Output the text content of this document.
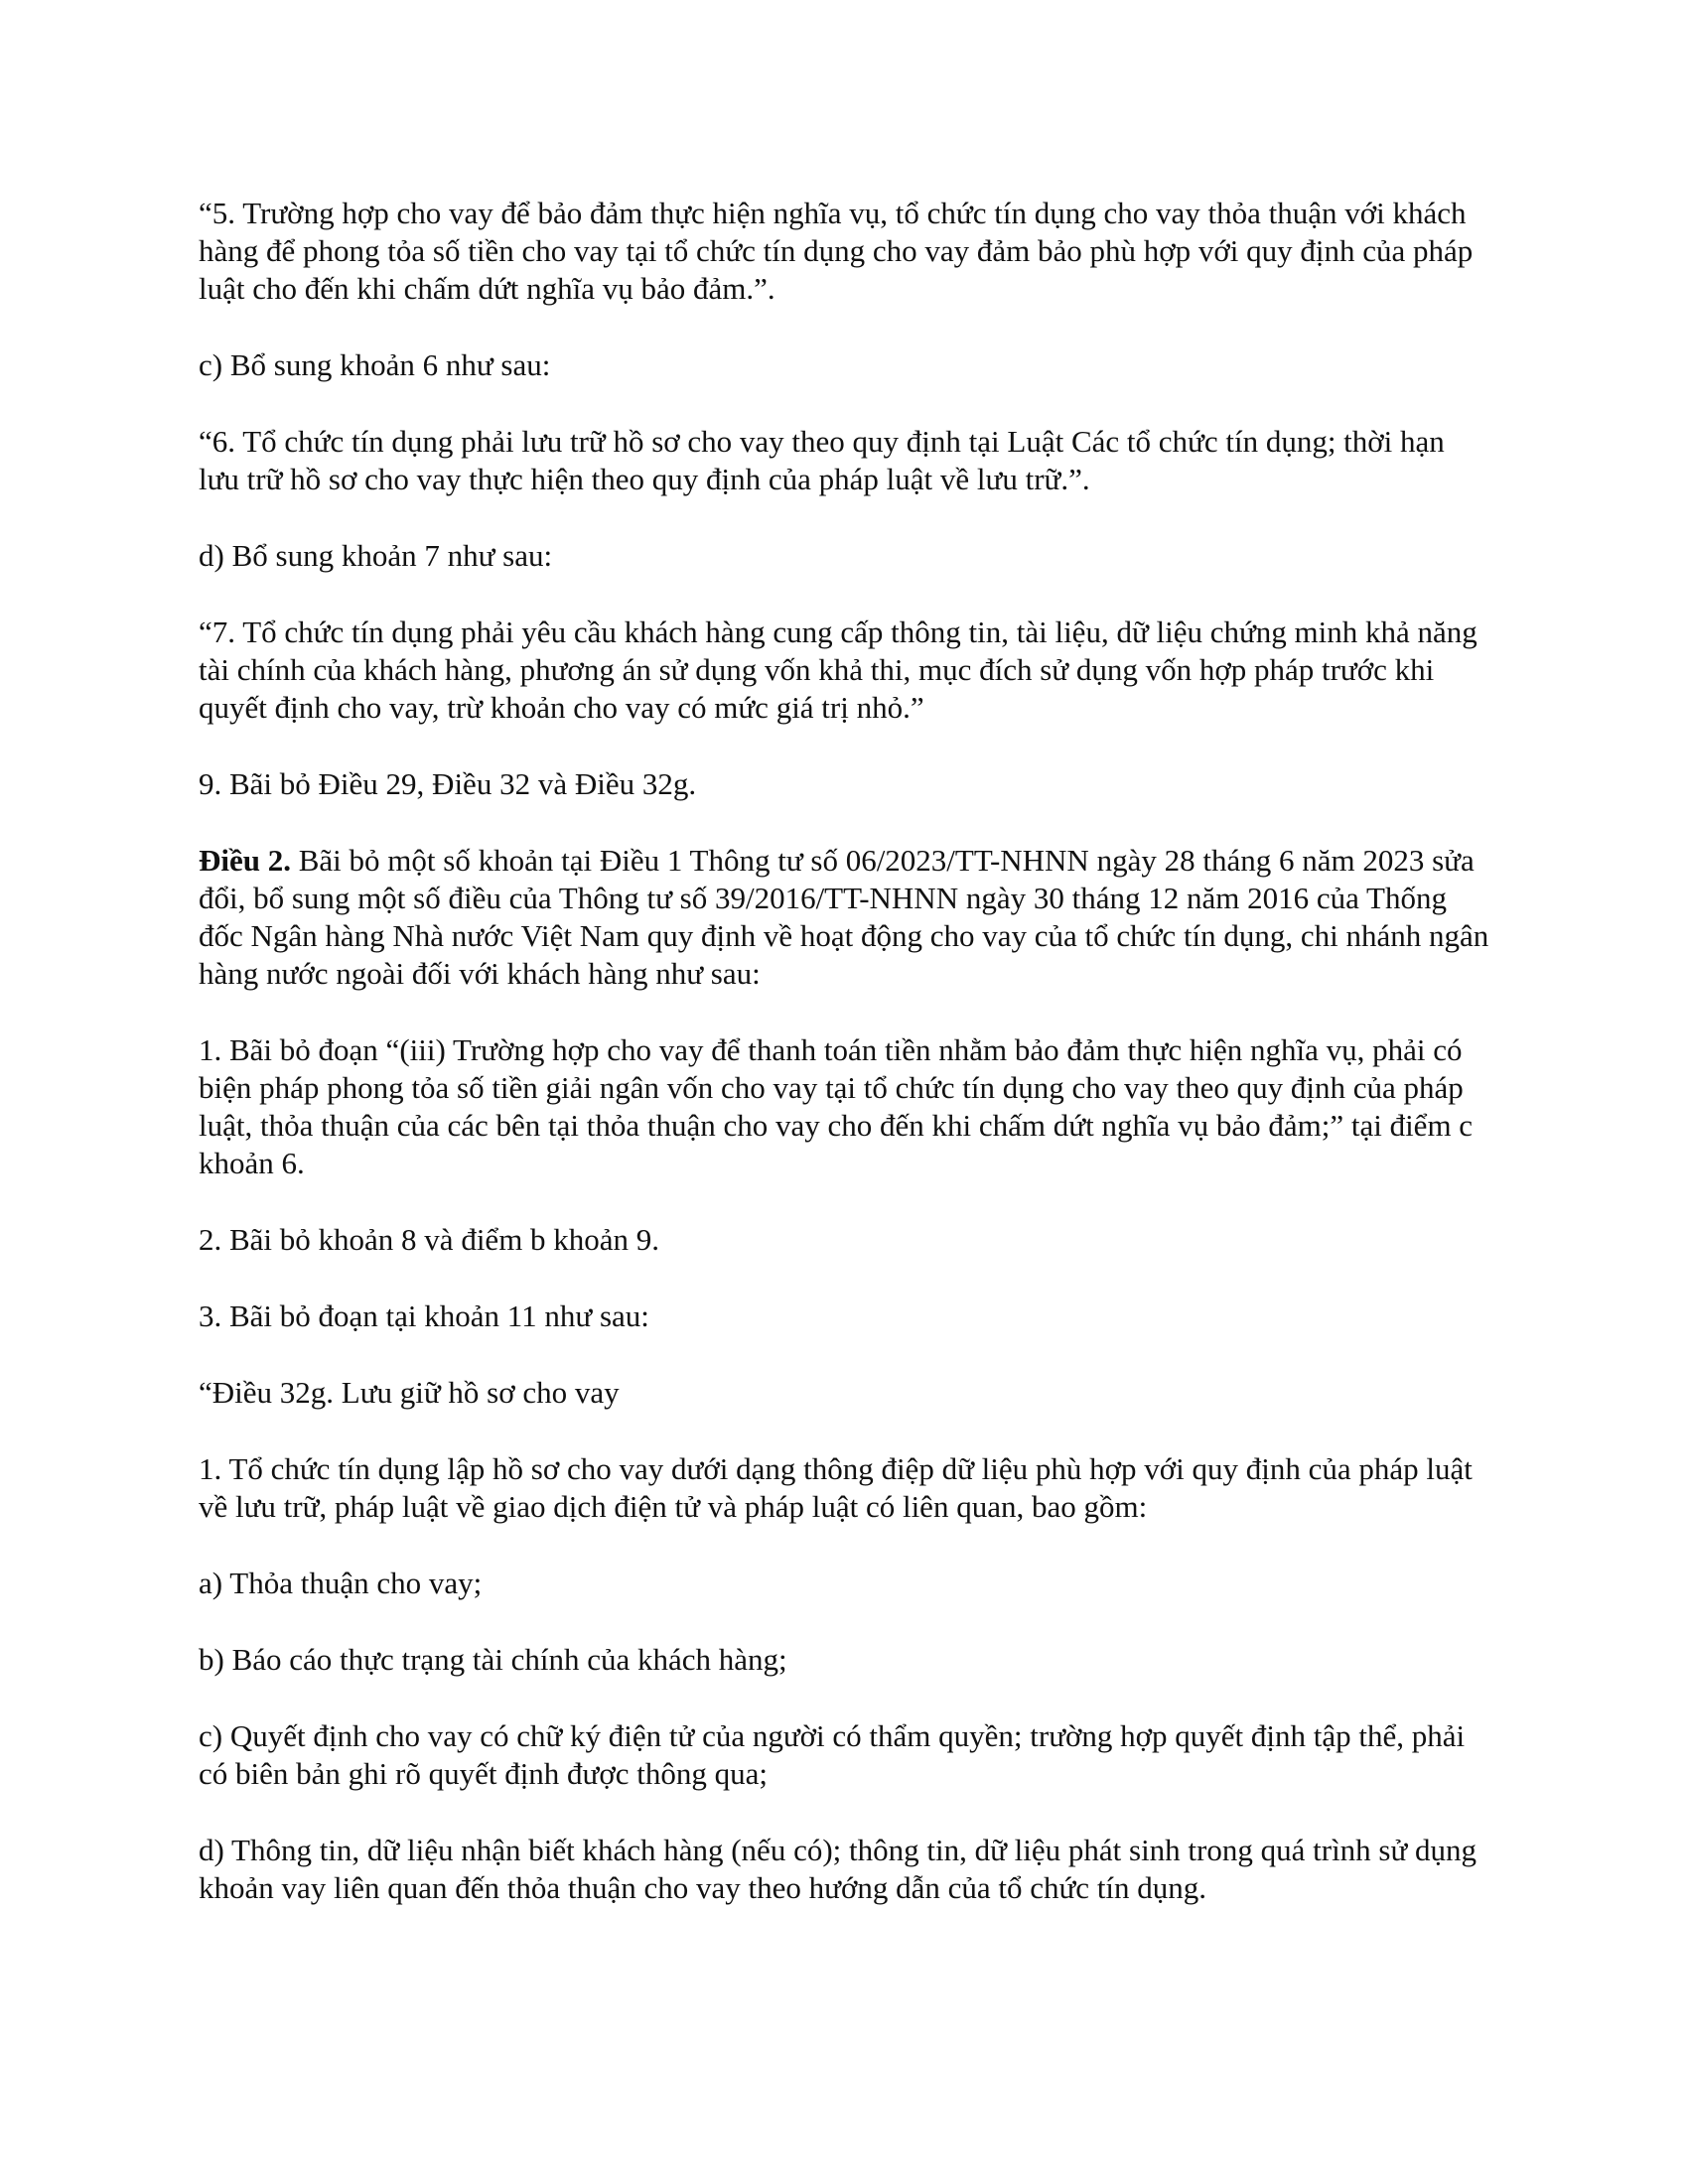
“5. Trường hợp cho vay để bảo đảm thực hiện nghĩa vụ, tổ chức tín dụng cho vay thỏa thuận với khách hàng để phong tỏa số tiền cho vay tại tổ chức tín dụng cho vay đảm bảo phù hợp với quy định của pháp luật cho đến khi chấm dứt nghĩa vụ bảo đảm.”.

c) Bổ sung khoản 6 như sau:

“6. Tổ chức tín dụng phải lưu trữ hồ sơ cho vay theo quy định tại Luật Các tổ chức tín dụng; thời hạn lưu trữ hồ sơ cho vay thực hiện theo quy định của pháp luật về lưu trữ.”.

d) Bổ sung khoản 7 như sau:

“7. Tổ chức tín dụng phải yêu cầu khách hàng cung cấp thông tin, tài liệu, dữ liệu chứng minh khả năng tài chính của khách hàng, phương án sử dụng vốn khả thi, mục đích sử dụng vốn hợp pháp trước khi quyết định cho vay, trừ khoản cho vay có mức giá trị nhỏ.”

9. Bãi bỏ Điều 29, Điều 32 và Điều 32g.

Điều 2. Bãi bỏ một số khoản tại Điều 1 Thông tư số 06/2023/TT-NHNN ngày 28 tháng 6 năm 2023 sửa đổi, bổ sung một số điều của Thông tư số 39/2016/TT-NHNN ngày 30 tháng 12 năm 2016 của Thống đốc Ngân hàng Nhà nước Việt Nam quy định về hoạt động cho vay của tổ chức tín dụng, chi nhánh ngân hàng nước ngoài đối với khách hàng như sau:

1. Bãi bỏ đoạn “(iii) Trường hợp cho vay để thanh toán tiền nhằm bảo đảm thực hiện nghĩa vụ, phải có biện pháp phong tỏa số tiền giải ngân vốn cho vay tại tổ chức tín dụng cho vay theo quy định của pháp luật, thỏa thuận của các bên tại thỏa thuận cho vay cho đến khi chấm dứt nghĩa vụ bảo đảm;” tại điểm c khoản 6.

2. Bãi bỏ khoản 8 và điểm b khoản 9.

3. Bãi bỏ đoạn tại khoản 11 như sau:

“Điều 32g. Lưu giữ hồ sơ cho vay

1. Tổ chức tín dụng lập hồ sơ cho vay dưới dạng thông điệp dữ liệu phù hợp với quy định của pháp luật về lưu trữ, pháp luật về giao dịch điện tử và pháp luật có liên quan, bao gồm:

a) Thỏa thuận cho vay;

b) Báo cáo thực trạng tài chính của khách hàng;

c) Quyết định cho vay có chữ ký điện tử của người có thẩm quyền; trường hợp quyết định tập thể, phải có biên bản ghi rõ quyết định được thông qua;

d) Thông tin, dữ liệu nhận biết khách hàng (nếu có); thông tin, dữ liệu phát sinh trong quá trình sử dụng khoản vay liên quan đến thỏa thuận cho vay theo hướng dẫn của tổ chức tín dụng.
